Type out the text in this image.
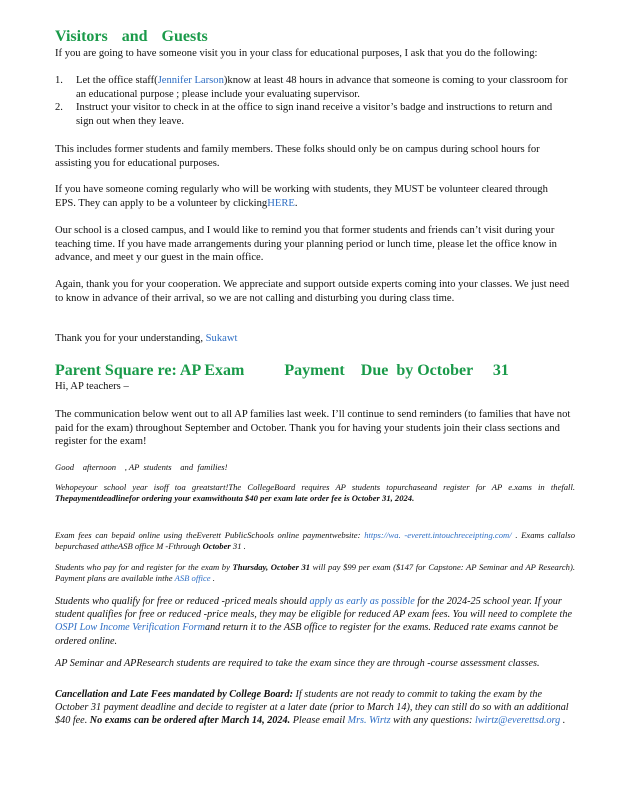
Visitors and Guests

If you are going to have someone visit you in your class for educational purposes, I ask that you do the following:

1. Let the office staff(Jennifer Larson)know at least 48 hours in advance that someone is coming to your classroom for an educational purpose ; please include your evaluating supervisor.
2. Instruct your visitor to check in at the office to sign inand receive a visitor’s badge and instructions to return and sign out when they leave.

This includes former students and family members. These folks should only be on campus during school hours for assisting you for educational purposes.

If you have someone coming regularly who will be working with students, they MUST be volunteer cleared through EPS. They can apply to be a volunteer by clickingHERE.

Our school is a closed campus, and I would like to remind you that former students and friends can’t visit during your teaching time. If you have made arrangements during your planning period or lunch time, please let the office know in advance, and meet y our guest in the main office.

Again, thank you for your cooperation. We appreciate and support outside experts coming into your classes. We just need to know in advance of their arrival, so we are not calling and disturbing you during class time.

Thank you for your understanding, Sukawt

Parent Square re: AP Exam          Payment    Due  by October     31

Hi, AP teachers –

The communication below went out to all AP families last week. I’ll continue to send reminders (to families that have not paid for the exam) throughout September and October. Thank you for having your students join their class sections and register for the exam!

Good    afternoon    , AP  students    and  families!

Wehopeyour school year isoff toa greatstart!The CollegeBoard requires AP students topurchaseand register for AP e.xams in thefall. Thepaymentdeadlinefor ordering your examwithouta $40 per exam late order fee is October 31, 2024.

Exam fees can bepaid online using theEverett PublicSchools online paymentwebsite: https://wa. -everett.intouchreceipting.com/ . Exams callalso bepurchased attheASB office M -Fthrough October 31 .

Students who pay for and register for the exam by Thursday, October 31 will pay $99 per exam ($147 for Capstone: AP Seminar and AP Research). Payment plans are available inthe ASB office .

Students who qualify for free or reduced -priced meals should apply as early as possible for the 2024-25 school year. If your student qualifies for free or reduced -price meals, they may be eligible for reduced AP exam fees. You will need to complete the OSPI Low Income Verification Formand return it to the ASB office to register for the exams. Reduced rate exams cannot be ordered online.

AP Seminar and APResearch students are required to take the exam since they are through -course assessment classes.

Cancellation and Late Fees mandated by College Board: If students are not ready to commit to taking the exam by the October 31 payment deadline and decide to register at a later date (prior to March 14), they can still do so with an additional $40 fee. No exams can be ordered after March 14, 2024. Please email Mrs. Wirtz with any questions: lwirtz@everettsd.org .
